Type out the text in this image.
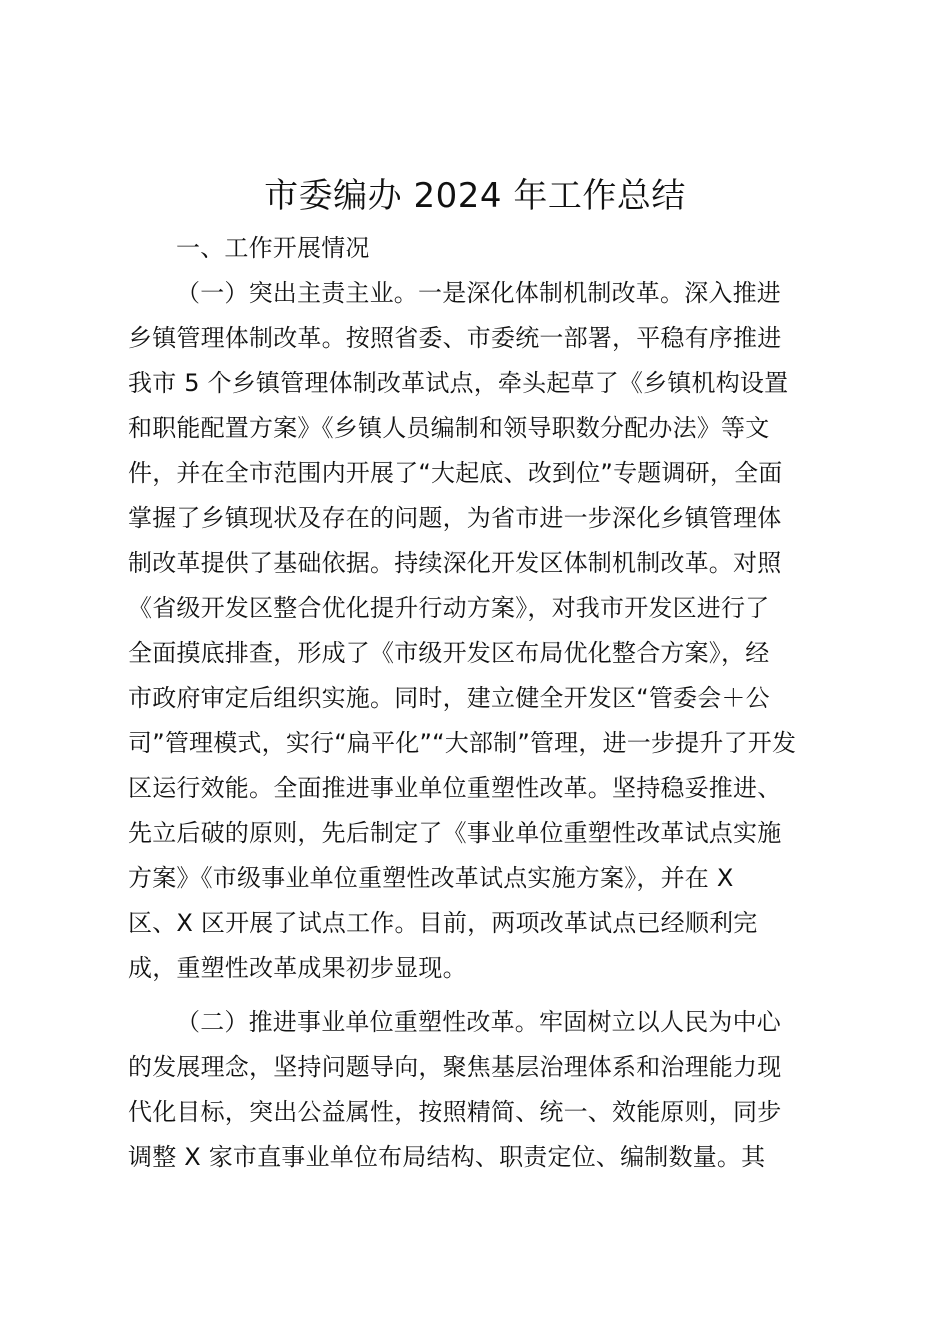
市委编办 2024 年工作总结
一、工作开展情况
（一）突出主责主业。一是深化体制机制改革。深入推进
乡镇管理体制改革。按照省委、市委统一部署，平稳有序推进
我市 5 个乡镇管理体制改革试点，牵头起草了《乡镇机构设置
和职能配置方案》《乡镇人员编制和领导职数分配办法》等文
件，并在全市范围内开展了“大起底、改到位”专题调研，全面
掌握了乡镇现状及存在的问题，为省市进一步深化乡镇管理体
制改革提供了基础依据。持续深化开发区体制机制改革。对照
《省级开发区整合优化提升行动方案》，对我市开发区进行了
全面摸底排查，形成了《市级开发区布局优化整合方案》，经
市政府审定后组织实施。同时，建立健全开发区“管委会＋公
司”管理模式，实行“扁平化”“大部制”管理，进一步提升了开发
区运行效能。全面推进事业单位重塑性改革。坚持稳妥推进、
先立后破的原则，先后制定了《事业单位重塑性改革试点实施
方案》《市级事业单位重塑性改革试点实施方案》，并在 X
区、X 区开展了试点工作。目前，两项改革试点已经顺利完
成，重塑性改革成果初步显现。
（二）推进事业单位重塑性改革。牢固树立以人民为中心
的发展理念，坚持问题导向，聚焦基层治理体系和治理能力现
代化目标，突出公益属性，按照精简、统一、效能原则，同步
调整 X 家市直事业单位布局结构、职责定位、编制数量。其
